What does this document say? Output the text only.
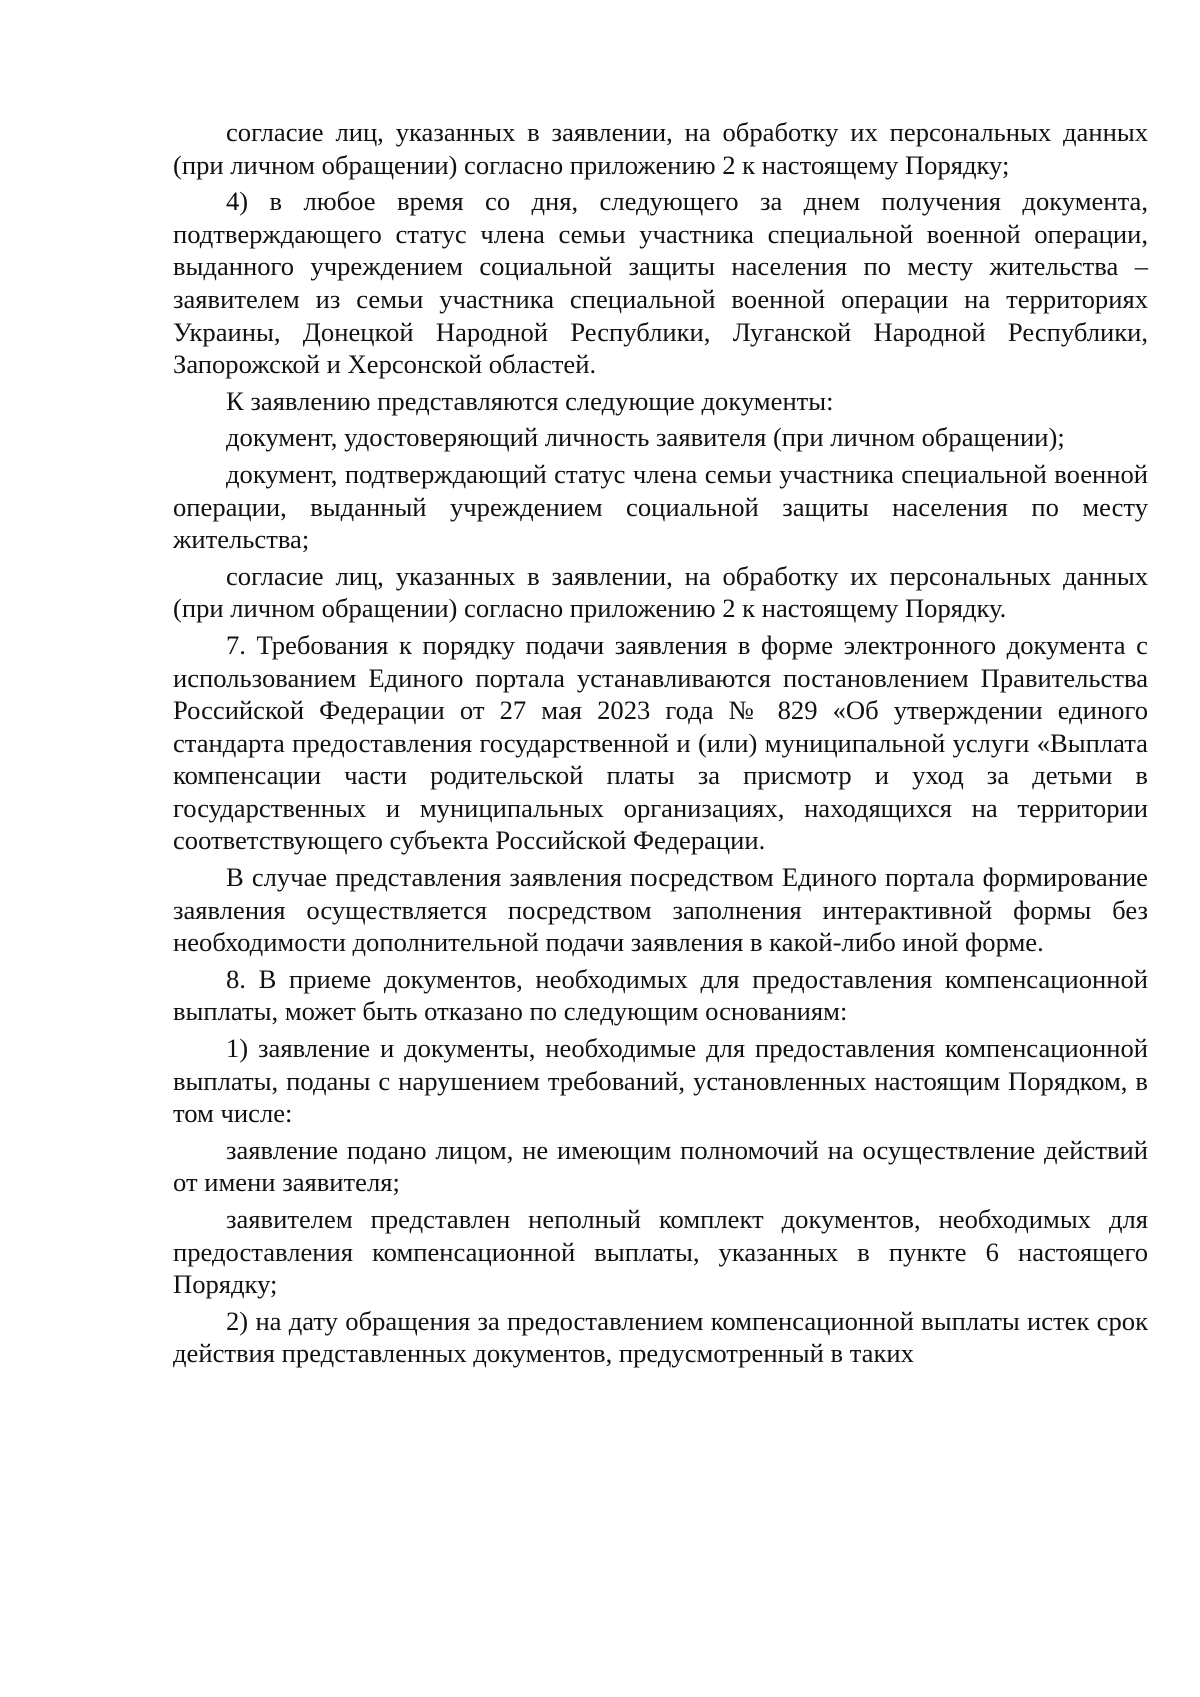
согласие лиц, указанных в заявлении, на обработку их персональных данных (при личном обращении) согласно приложению 2 к настоящему Порядку;

4) в любое время со дня, следующего за днем получения документа, подтверждающего статус члена семьи участника специальной военной операции, выданного учреждением социальной защиты населения по месту жительства – заявителем из семьи участника специальной военной операции на территориях Украины, Донецкой Народной Республики, Луганской Народной Республики, Запорожской и Херсонской областей.

К заявлению представляются следующие документы:

документ, удостоверяющий личность заявителя (при личном обращении);

документ, подтверждающий статус члена семьи участника специальной военной операции, выданный учреждением социальной защиты населения по месту жительства;

согласие лиц, указанных в заявлении, на обработку их персональных данных (при личном обращении) согласно приложению 2 к настоящему Порядку.

7. Требования к порядку подачи заявления в форме электронного документа с использованием Единого портала устанавливаются постановлением Правительства Российской Федерации от 27 мая 2023 года № 829 «Об утверждении единого стандарта предоставления государственной и (или) муниципальной услуги «Выплата компенсации части родительской платы за присмотр и уход за детьми в государственных и муниципальных организациях, находящихся на территории соответствующего субъекта Российской Федерации.

В случае представления заявления посредством Единого портала формирование заявления осуществляется посредством заполнения интерактивной формы без необходимости дополнительной подачи заявления в какой-либо иной форме.

8. В приеме документов, необходимых для предоставления компенсационной выплаты, может быть отказано по следующим основаниям:

1) заявление и документы, необходимые для предоставления компенсационной выплаты, поданы с нарушением требований, установленных настоящим Порядком, в том числе:

заявление подано лицом, не имеющим полномочий на осуществление действий от имени заявителя;

заявителем представлен неполный комплект документов, необходимых для предоставления компенсационной выплаты, указанных в пункте 6 настоящего Порядку;

2) на дату обращения за предоставлением компенсационной выплаты истек срок действия представленных документов, предусмотренный в таких
